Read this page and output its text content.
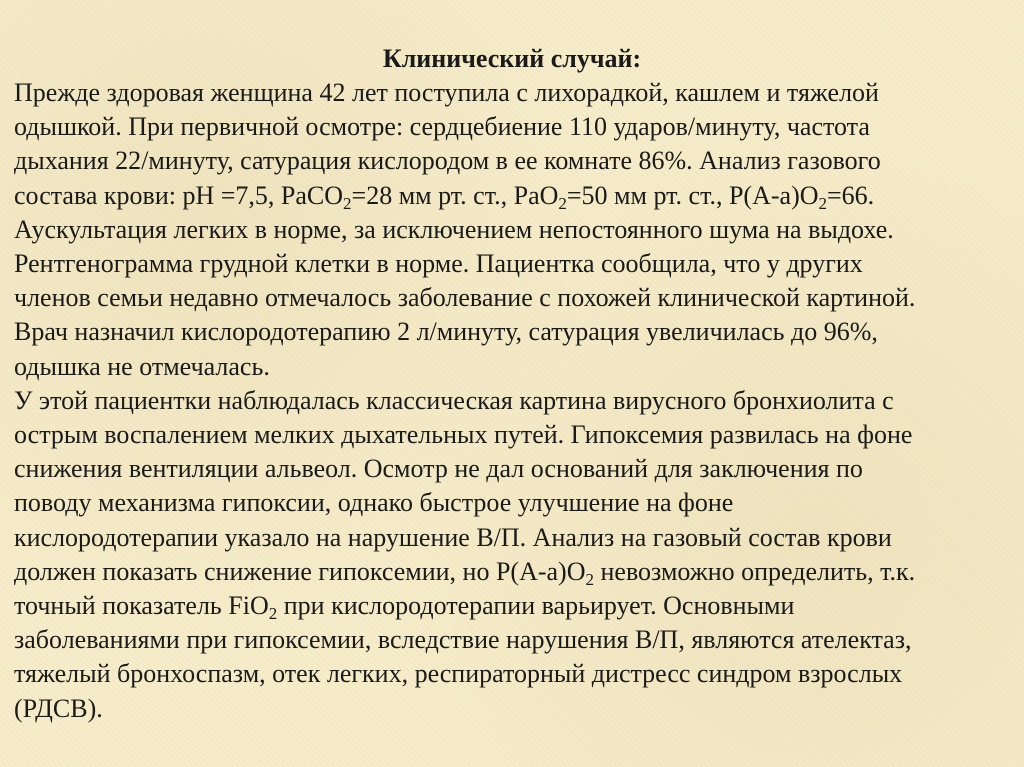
Клинический случай:
Прежде здоровая женщина 42 лет поступила с лихорадкой, кашлем и тяжелой
одышкой. При первичной осмотре: сердцебиение 110 ударов/минуту, частота
дыхания 22/минуту, сатурация кислородом в ее комнате 86%. Анализ газового
состава крови: рН =7,5, PaCO$_2$=28 мм рт. ст., PaO$_2$=50 мм рт. ст., $Р(А-а)О_2=66$.
Аускультация легких в норме, за исключением непостоянного шума на выдохе.
Рентгенограмма грудной клетки в норме. Пациентка сообщила, что у других
членов семьи недавно отмечалось заболевание с похожей клинической картиной.
Врач назначил кислородотерапию 2 л/минуту, сатурация увеличилась до 96%,
одышка не отмечалась.
У этой пациентки наблюдалась классическая картина вирусного бронхиолита с
острым воспалением мелких дыхательных путей. Гипоксемия развилась на фоне
снижения вентиляции альвеол. Осмотр не дал оснований для заключения по
поводу механизма гипоксии, однако быстрое улучшение на фоне
кислородотерапии указало на нарушение В/П. Анализ на газовый состав крови
должен показать снижение гипоксемии, но $Р(А-а)О_2$ невозможно определить, т.к.
точный показатель FiO$_2$ при кислородотерапии варьирует. Основными
заболеваниями при гипоксемии, вследствие нарушения В/П, являются ателектаз,
тяжелый бронхоспазм, отек легких, респираторный дистресс синдром взрослых
(РДСВ).
